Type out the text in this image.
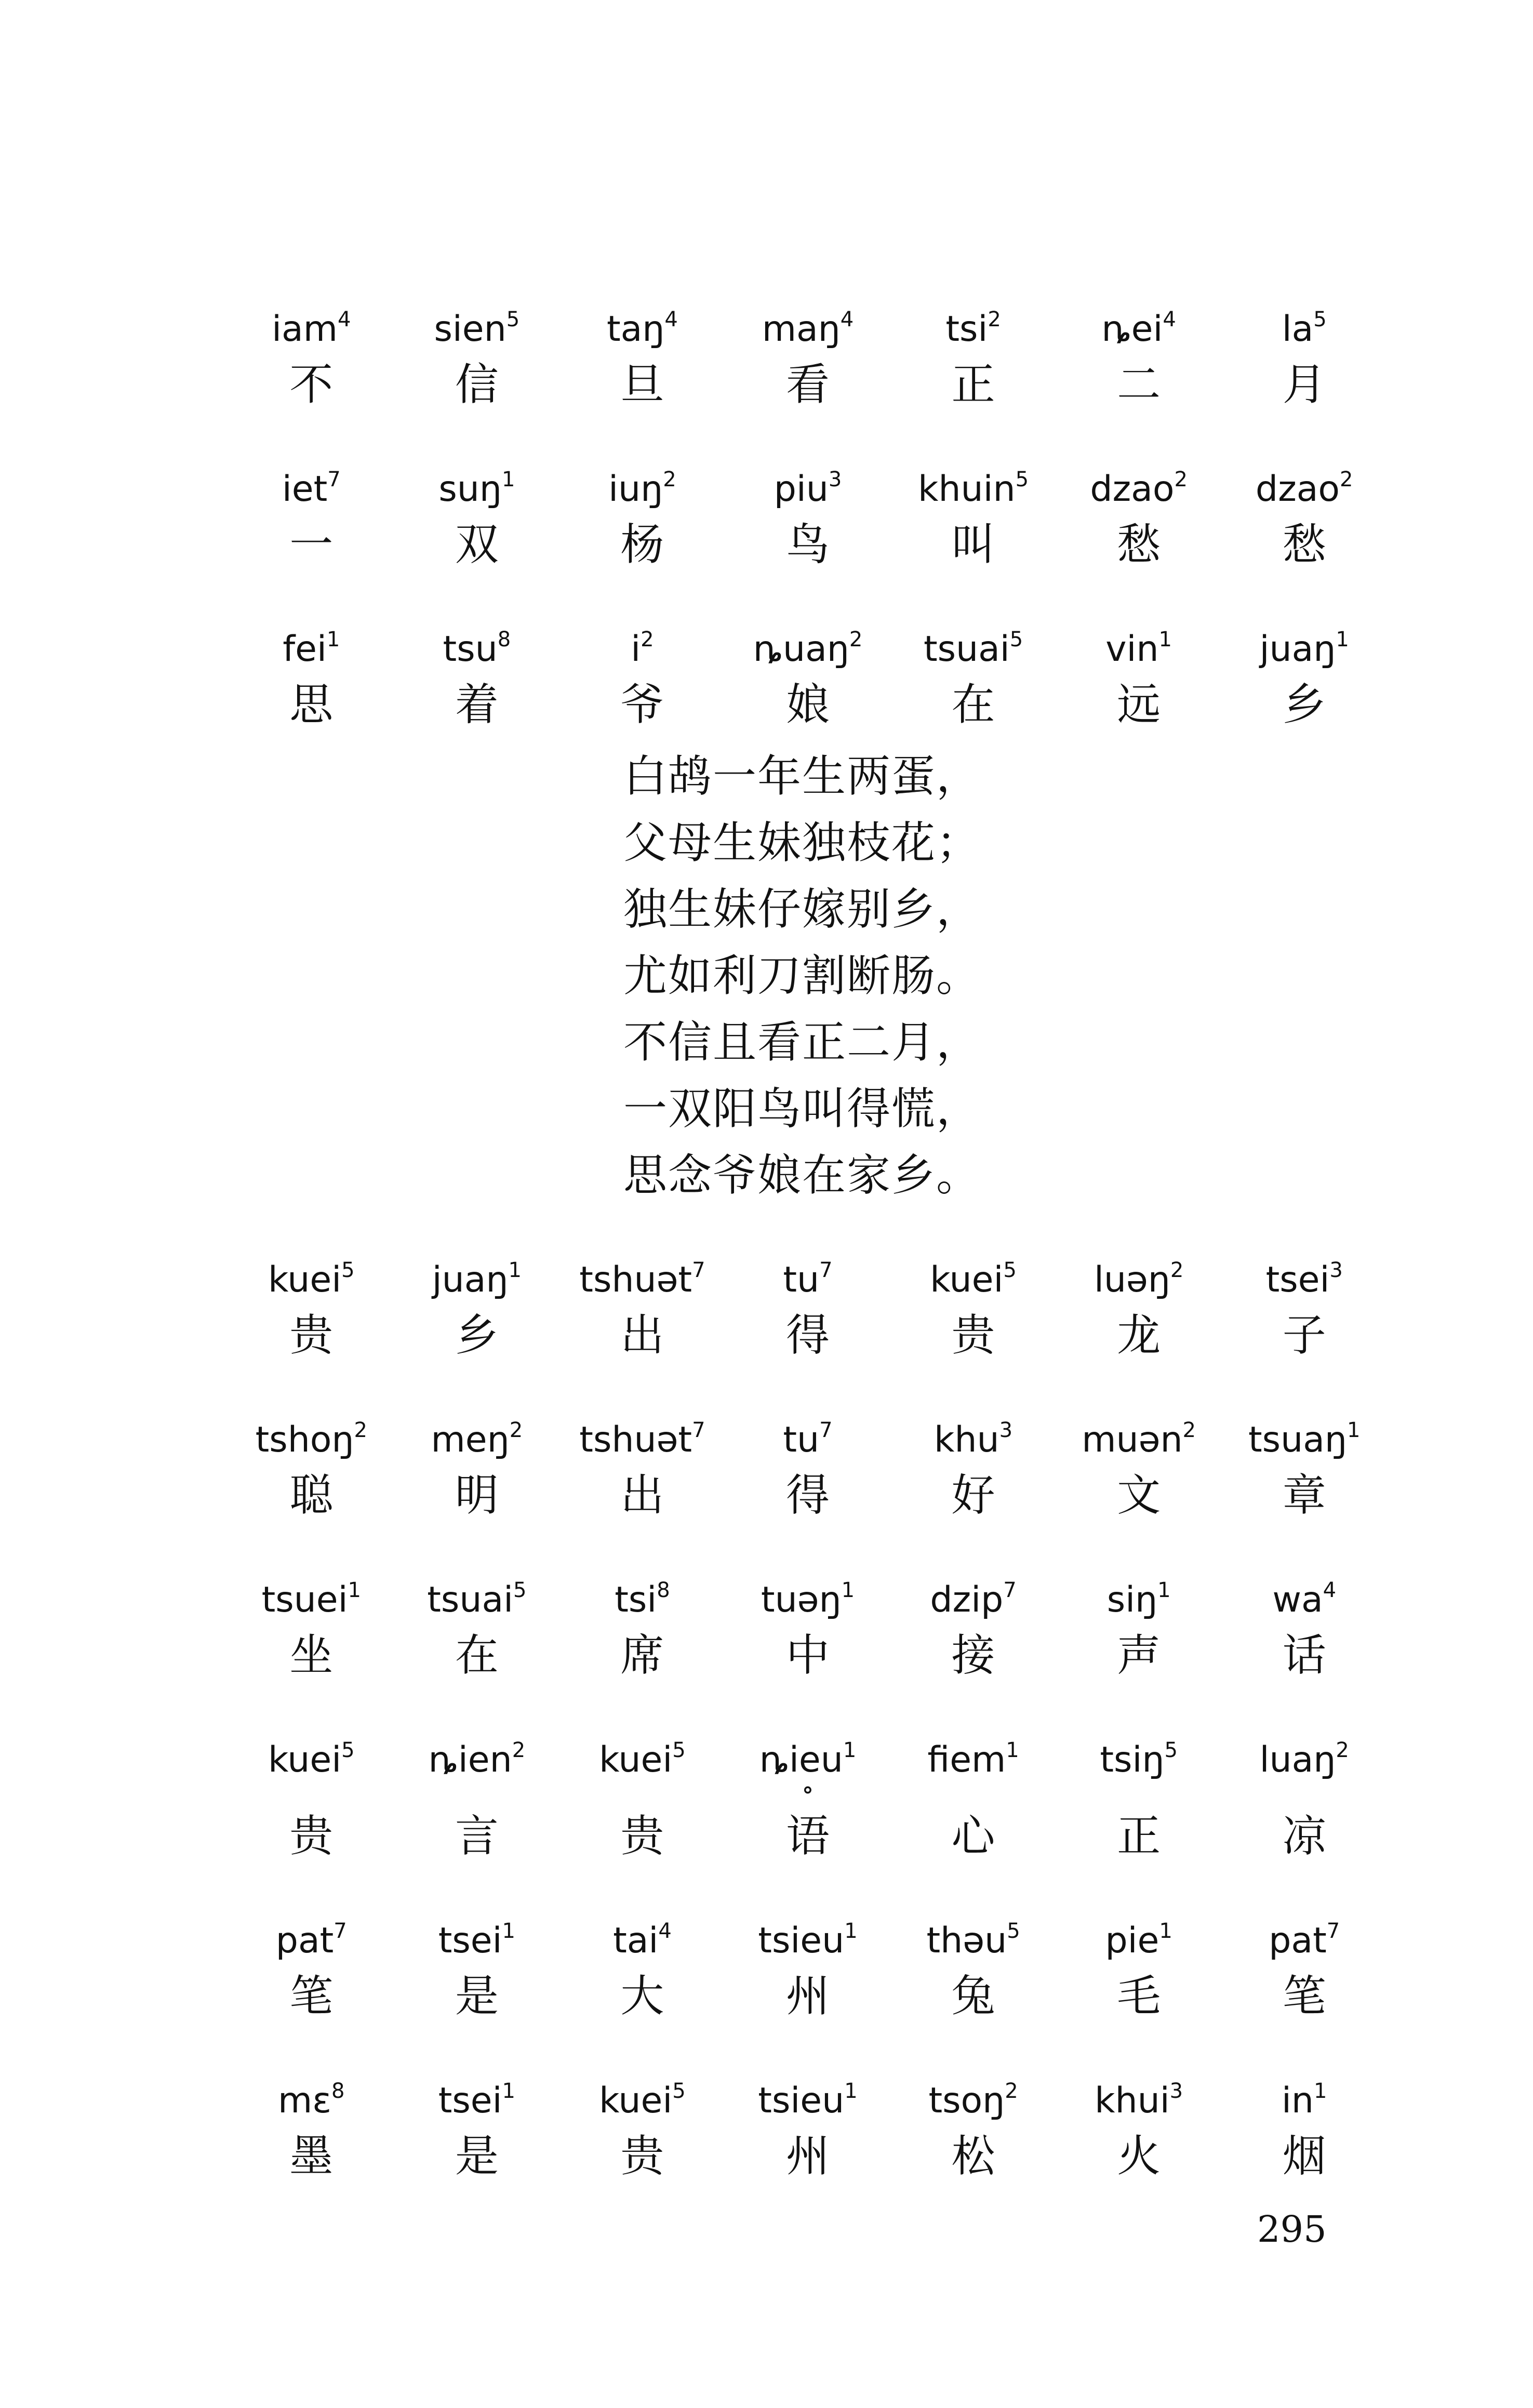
iam$^4$	sien$^5$	taŋ$^4$	maŋ$^4$	tsi$^2$	ȵei$^4$	$la^5$
不	信	旦	看	正	二	月
iet$^7$	suŋ$^1$	iuŋ$^2$	piu$^3$	khuin$^5$	dzao$^2$	dzao$^2$
一	双	杨	鸟	叫	愁	愁
fei$^1$	tsu$^8$	$i^2$	ȵuaŋ$^2$	tsuai$^5$	vin$^1$	juaŋ$^1$
思	着	爷	娘	在	远	乡
白鸪一年生两蛋，
父母生妹独枝花；
独生妹仔嫁别乡，
尤如利刀割断肠。
不信且看正二月，
一双阳鸟叫得慌，
思念爷娘在家乡。
kuei$^5$	juaŋ$^1$	tshuət$^7$	$tu^7$	kuei$^5$	luəŋ$^2$	tsei$^3$
贵	乡	出	得	贵	龙	子
tshoŋ$^2$	meŋ$^2$	tshuət$^7$	$tu^7$	khu$^3$	muən$^2$	tsuaŋ$^1$
聪	明	出	得	好	文	章
tsuei$^1$	tsuai$^5$	tsi$^8$	tuəŋ$^1$	dzip$^7$	siŋ$^1$	$wa^4$
坐	在	席	中	接	声	话
kuei$^5$	ȵien$^2$	kuei$^5$	ȵieu$^1$	fiem$^1$	tsiŋ$^5$	luaŋ$^2$
∘
贵	言	贵	语	心	正	凉
pat$^7$	tsei$^1$	tai$^4$	tsieu$^1$	thəu$^5$	pie$^1$	pat$^7$
笔	是	大	州	兔	毛	笔
mɛ$^8$	tsei$^1$	kuei$^5$	tsieu$^1$	tsoŋ$^2$	khui$^3$	$in^1$
墨	是	贵	州	松	火	烟
295
